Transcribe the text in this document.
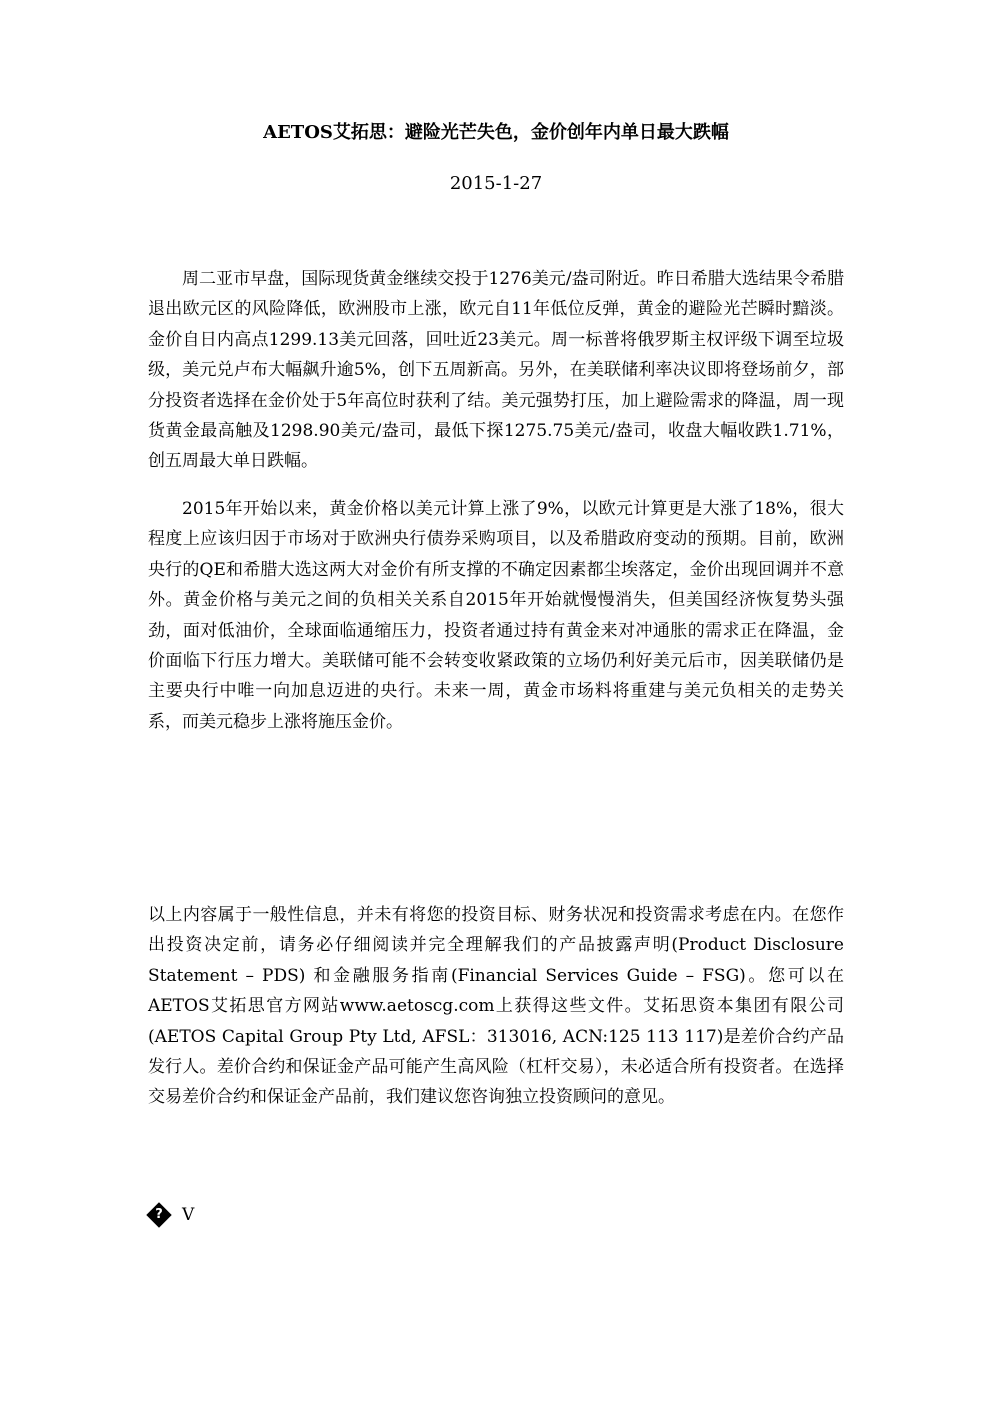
AETOS艾拓思：避险光芒失色，金价创年内单日最大跌幅

2015-1-27

周二亚市早盘，国际现货黄金继续交投于1276美元/盎司附近。昨日希腊大选结果令希腊退出欧元区的风险降低，欧洲股市上涨，欧元自11年低位反弹，黄金的避险光芒瞬时黯淡。金价自日内高点1299.13美元回落，回吐近23美元。周一标普将俄罗斯主权评级下调至垃圾级，美元兑卢布大幅飙升逾5%，创下五周新高。另外，在美联储利率决议即将登场前夕，部分投资者选择在金价处于5年高位时获利了结。美元强势打压，加上避险需求的降温，周一现货黄金最高触及1298.90美元/盎司，最低下探1275.75美元/盎司，收盘大幅收跌1.71%，创五周最大单日跌幅。

2015年开始以来，黄金价格以美元计算上涨了9%，以欧元计算更是大涨了18%，很大程度上应该归因于市场对于欧洲央行债券采购项目，以及希腊政府变动的预期。目前，欧洲央行的QE和希腊大选这两大对金价有所支撑的不确定因素都尘埃落定，金价出现回调并不意外。黄金价格与美元之间的负相关关系自2015年开始就慢慢消失，但美国经济恢复势头强劲，面对低油价，全球面临通缩压力，投资者通过持有黄金来对冲通胀的需求正在降温，金价面临下行压力增大。美联储可能不会转变收紧政策的立场仍利好美元后市，因美联储仍是主要央行中唯一向加息迈进的央行。未来一周，黄金市场料将重建与美元负相关的走势关系，而美元稳步上涨将施压金价。

以上内容属于一般性信息，并未有将您的投资目标、财务状况和投资需求考虑在内。在您作出投资决定前，请务必仔细阅读并完全理解我们的产品披露声明(Product Disclosure Statement – PDS) 和金融服务指南(Financial Services Guide – FSG)。您可以在AETOS艾拓思官方网站www.aetoscg.com上获得这些文件。艾拓思资本集团有限公司(AETOS Capital Group Pty Ltd, AFSL：313016, ACN:125 113 117)是差价合约产品发行人。差价合约和保证金产品可能产生高风险（杠杆交易），未必适合所有投资者。在选择交易差价合约和保证金产品前，我们建议您咨询独立投资顾问的意见。

?
V
